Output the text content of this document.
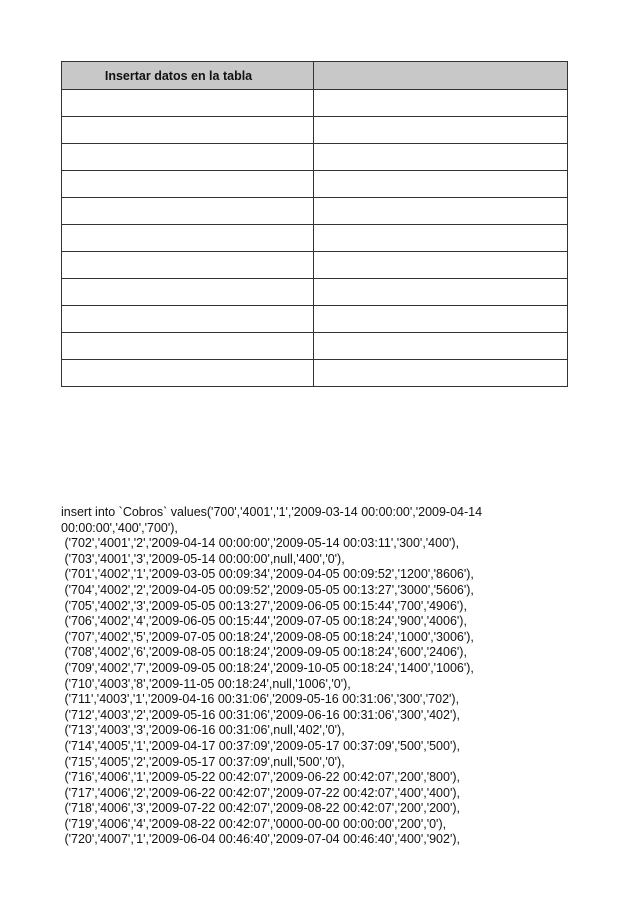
Insertar datos en la tabla	

insert into `Cobros` values('700','4001','1','2009-03-14 00:00:00','2009-04-14
00:00:00','400','700'),
('702','4001','2','2009-04-14 00:00:00','2009-05-14 00:03:11','300','400'),
('703','4001','3','2009-05-14 00:00:00',null,'400','0'),
('701','4002','1','2009-03-05 00:09:34','2009-04-05 00:09:52','1200','8606'),
('704','4002','2','2009-04-05 00:09:52','2009-05-05 00:13:27','3000','5606'),
('705','4002','3','2009-05-05 00:13:27','2009-06-05 00:15:44','700','4906'),
('706','4002','4','2009-06-05 00:15:44','2009-07-05 00:18:24','900','4006'),
('707','4002','5','2009-07-05 00:18:24','2009-08-05 00:18:24','1000','3006'),
('708','4002','6','2009-08-05 00:18:24','2009-09-05 00:18:24','600','2406'),
('709','4002','7','2009-09-05 00:18:24','2009-10-05 00:18:24','1400','1006'),
('710','4003','8','2009-11-05 00:18:24',null,'1006','0'),
('711','4003','1','2009-04-16 00:31:06','2009-05-16 00:31:06','300','702'),
('712','4003','2','2009-05-16 00:31:06','2009-06-16 00:31:06','300','402'),
('713','4003','3','2009-06-16 00:31:06',null,'402','0'),
('714','4005','1','2009-04-17 00:37:09','2009-05-17 00:37:09','500','500'),
('715','4005','2','2009-05-17 00:37:09',null,'500','0'),
('716','4006','1','2009-05-22 00:42:07','2009-06-22 00:42:07','200','800'),
('717','4006','2','2009-06-22 00:42:07','2009-07-22 00:42:07','400','400'),
('718','4006','3','2009-07-22 00:42:07','2009-08-22 00:42:07','200','200'),
('719','4006','4','2009-08-22 00:42:07','0000-00-00 00:00:00','200','0'),
('720','4007','1','2009-06-04 00:46:40','2009-07-04 00:46:40','400','902'),
